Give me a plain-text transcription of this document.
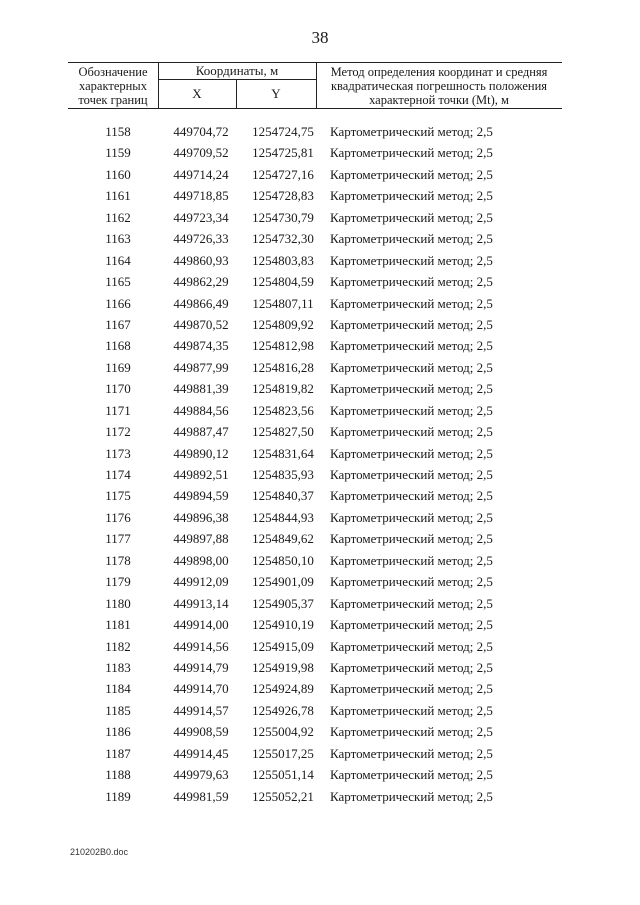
38
Обозначение характерных точек границ
Координаты, м
X	Y
Метод определения координат и средняя квадратическая погрешность положения характерной точки (Мt), м
1158	449704,72	1254724,75	Картометрический метод; 2,5
1159	449709,52	1254725,81	Картометрический метод; 2,5
1160	449714,24	1254727,16	Картометрический метод; 2,5
1161	449718,85	1254728,83	Картометрический метод; 2,5
1162	449723,34	1254730,79	Картометрический метод; 2,5
1163	449726,33	1254732,30	Картометрический метод; 2,5
1164	449860,93	1254803,83	Картометрический метод; 2,5
1165	449862,29	1254804,59	Картометрический метод; 2,5
1166	449866,49	1254807,11	Картометрический метод; 2,5
1167	449870,52	1254809,92	Картометрический метод; 2,5
1168	449874,35	1254812,98	Картометрический метод; 2,5
1169	449877,99	1254816,28	Картометрический метод; 2,5
1170	449881,39	1254819,82	Картометрический метод; 2,5
1171	449884,56	1254823,56	Картометрический метод; 2,5
1172	449887,47	1254827,50	Картометрический метод; 2,5
1173	449890,12	1254831,64	Картометрический метод; 2,5
1174	449892,51	1254835,93	Картометрический метод; 2,5
1175	449894,59	1254840,37	Картометрический метод; 2,5
1176	449896,38	1254844,93	Картометрический метод; 2,5
1177	449897,88	1254849,62	Картометрический метод; 2,5
1178	449898,00	1254850,10	Картометрический метод; 2,5
1179	449912,09	1254901,09	Картометрический метод; 2,5
1180	449913,14	1254905,37	Картометрический метод; 2,5
1181	449914,00	1254910,19	Картометрический метод; 2,5
1182	449914,56	1254915,09	Картометрический метод; 2,5
1183	449914,79	1254919,98	Картометрический метод; 2,5
1184	449914,70	1254924,89	Картометрический метод; 2,5
1185	449914,57	1254926,78	Картометрический метод; 2,5
1186	449908,59	1255004,92	Картометрический метод; 2,5
1187	449914,45	1255017,25	Картометрический метод; 2,5
1188	449979,63	1255051,14	Картометрический метод; 2,5
1189	449981,59	1255052,21	Картометрический метод; 2,5
210202B0.doc
